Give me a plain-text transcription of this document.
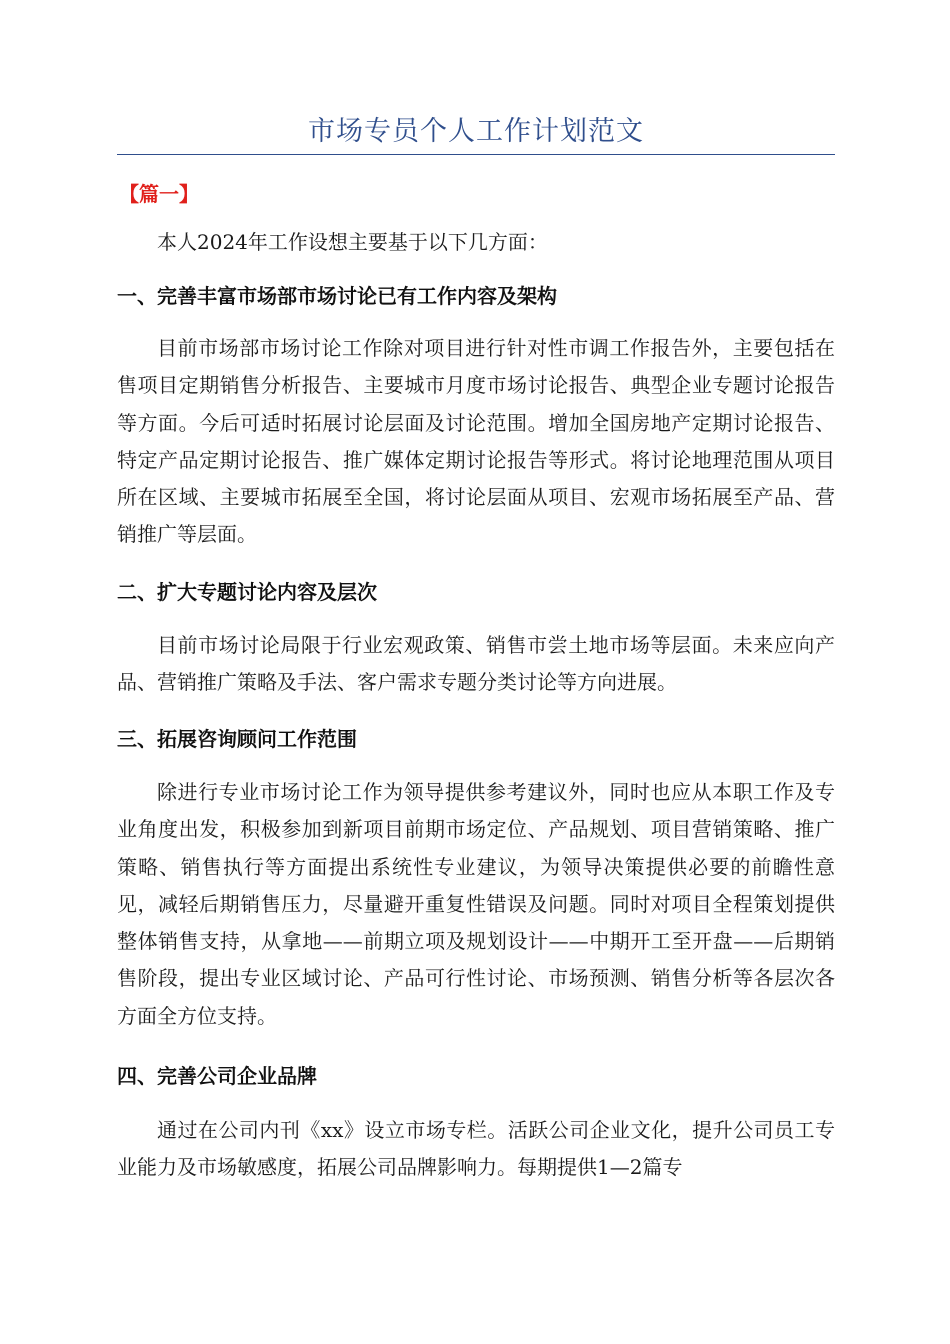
市场专员个人工作计划范文
【篇一】

本人2024年工作设想主要基于以下几方面：

一、完善丰富市场部市场讨论已有工作内容及架构

目前市场部市场讨论工作除对项目进行针对性市调工作报告外，主要包括在售项目定期销售分析报告、主要城市月度市场讨论报告、典型企业专题讨论报告等方面。今后可适时拓展讨论层面及讨论范围。增加全国房地产定期讨论报告、特定产品定期讨论报告、推广媒体定期讨论报告等形式。将讨论地理范围从项目所在区域、主要城市拓展至全国，将讨论层面从项目、宏观市场拓展至产品、营销推广等层面。

二、扩大专题讨论内容及层次

目前市场讨论局限于行业宏观政策、销售市尝土地市场等层面。未来应向产品、营销推广策略及手法、客户需求专题分类讨论等方向进展。

三、拓展咨询顾问工作范围

除进行专业市场讨论工作为领导提供参考建议外，同时也应从本职工作及专业角度出发，积极参加到新项目前期市场定位、产品规划、项目营销策略、推广策略、销售执行等方面提出系统性专业建议，为领导决策提供必要的前瞻性意见，减轻后期销售压力，尽量避开重复性错误及问题。同时对项目全程策划提供整体销售支持，从拿地——前期立项及规划设计——中期开工至开盘——后期销售阶段，提出专业区域讨论、产品可行性讨论、市场预测、销售分析等各层次各方面全方位支持。

四、完善公司企业品牌

通过在公司内刊《xx》设立市场专栏。活跃公司企业文化，提升公司员工专业能力及市场敏感度，拓展公司品牌影响力。每期提供1—2篇专
